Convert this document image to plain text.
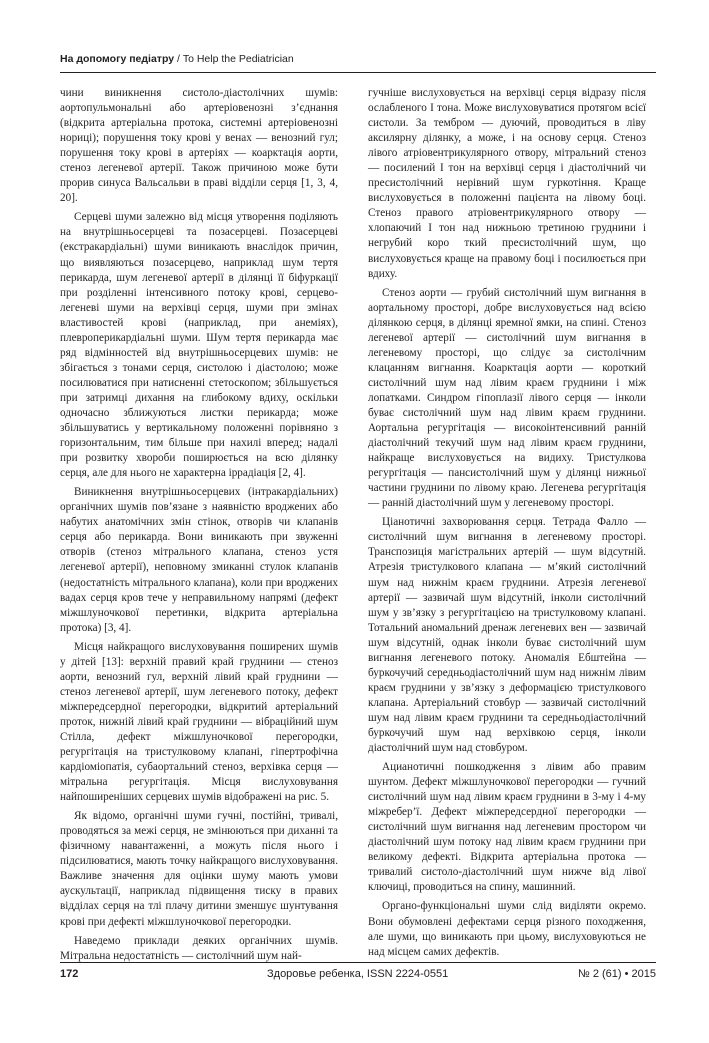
На допомогу педіатру / To Help the Pediatrician

чини виникнення систоло-діастолічних шумів: аортопульмональні або артеріовенозні з’єднання (відкрита артеріальна протока, системні артеріовенозні нориці); порушення току крові у венах — венозний гул; порушення току крові в артеріях — коарктація аорти, стеноз легеневої артерії. Також причиною може бути прорив синуса Вальсальви в праві відділи серця [1, 3, 4, 20].

Серцеві шуми залежно від місця утворення поділяють на внутрішньосерцеві та позасерцеві. Позасерцеві (екстракардіальні) шуми виникають внаслідок причин, що виявляються позасерцево, наприклад шум тертя перикарда, шум легеневої артерії в ділянці її біфуркації при розділенні інтенсивного потоку крові, серцево-легеневі шуми на верхівці серця, шуми при змінах властивостей крові (наприклад, при анеміях), плевроперикардіальні шуми. Шум тертя перикарда має ряд відмінностей від внутрішньосерцевих шумів: не збігається з тонами серця, систолою і діастолою; може посилюватися при натисненні стетоскопом; збільшується при затримці дихання на глибокому вдиху, оскільки одночасно зближуються листки перикарда; може збільшуватись у вертикальному положенні порівняно з горизонтальним, тим більше при нахилі вперед; надалі при розвитку хвороби поширюється на всю ділянку серця, але для нього не характерна іррадіація [2, 4].

Виникнення внутрішньосерцевих (інтракардіальних) органічних шумів пов’язане з наявністю вроджених або набутих анатомічних змін стінок, отворів чи клапанів серця або перикарда. Вони виникають при звуженні отворів (стеноз мітрального клапана, стеноз устя легеневої артерії), неповному змиканні стулок клапанів (недостатність мітрального клапана), коли при вроджених вадах серця кров тече у неправильному напрямі (дефект міжшлуночкової перетинки, відкрита артеріальна протока) [3, 4].

Місця найкращого вислуховування поширених шумів у дітей [13]: верхній правий край груднини — стеноз аорти, венозний гул, верхній лівий край груднини — стеноз легеневої артерії, шум легеневого потоку, дефект міжпередсердної перегородки, відкритий артеріальний проток, нижній лівий край груднини — вібраційний шум Стілла, дефект міжшлуночкової перегородки, регургітація на тристулковому клапані, гіпертрофічна кардіоміопатія, субаортальний стеноз, верхівка серця — мітральна регургітація. Місця вислуховування найпоширеніших серцевих шумів відображені на рис. 5.

Як відомо, органічні шуми гучні, постійні, тривалі, проводяться за межі серця, не змінюються при диханні та фізичному навантаженні, а можуть після нього і підсилюватися, мають точку найкращого вислуховування. Важливе значення для оцінки шуму мають умови аускультації, наприклад підвищення тиску в правих відділах серця на тлі плачу дитини зменшує шунтування крові при дефекті міжшлуночкової перегородки.

Наведемо приклади деяких органічних шумів. Мітральна недостатність — систолічний шум най-

гучніше вислуховується на верхівці серця відразу після ослабленого I тона. Може вислуховуватися протягом всієї систоли. За тембром — дуючий, проводиться в ліву аксилярну ділянку, а може, і на основу серця. Стеноз лівого атріовентрикулярного отвору, мітральний стеноз — посилений I тон на верхівці серця і діастолічний чи пресистолічний нерівний шум гуркотіння. Краще вислуховується в положенні пацієнта на лівому боці. Стеноз правого атріовентрикулярного отвору — хлопаючий I тон над нижньою третиною груднини і негрубий коро ткий пресистолічний шум, що вислуховується краще на правому боці і посилюється при вдиху.

Стеноз аорти — грубий систолічний шум вигнання в аортальному просторі, добре вислуховується над всією ділянкою серця, в ділянці яремної ямки, на спині. Стеноз легеневої артерії — систолічний шум вигнання в легеневому просторі, що слідує за систолічним клацанням вигнання. Коарктація аорти — короткий систолічний шум над лівим краєм груднини і між лопатками. Синдром гіпоплазії лівого серця — інколи буває систолічний шум над лівим краєм груднини. Аортальна регургітація — високоінтенсивний ранній діастолічний текучий шум над лівим краєм груднини, найкраще вислуховується на видиху. Тристулкова регургітація — пансистолічний шум у ділянці нижньої частини груднини по лівому краю. Легенева регургітація — ранній діастолічний шум у легеневому просторі.

Ціанотичні захворювання серця. Тетрада Фалло — систолічний шум вигнання в легеневому просторі. Транспозиція магістральних артерій — шум відсутній. Атрезія тристулкового клапана — м’який систолічний шум над нижнім краєм груднини. Атрезія легеневої артерії — зазвичай шум відсутній, інколи систолічний шум у зв’язку з регургітацією на тристулковому клапані. Тотальний аномальний дренаж легеневих вен — зазвичай шум відсутній, однак інколи буває систолічний шум вигнання легеневого потоку. Аномалія Ебштейна — буркочучий середньодіастолічний шум над нижнім лівим краєм груднини у зв’язку з деформацією тристулкового клапана. Артеріальний стовбур — зазвичай систолічний шум над лівим краєм груднини та середньодіастолічний буркочучий шум над верхівкою серця, інколи діастолічний шум над стовбуром.

Ацианотичні пошкодження з лівим або правим шунтом. Дефект міжшлуночкової перегородки — гучний систолічний шум над лівим краєм груднини в 3-му і 4-му міжребер’ї. Дефект міжпередсердної перегородки — систолічний шум вигнання над легеневим простором чи діастолічний шум потоку над лівим краєм груднини при великому дефекті. Відкрита артеріальна протока — тривалий систоло-діастолічний шум нижче від лівої ключиці, проводиться на спину, машинний.

Органо-функціональні шуми слід виділяти окремо. Вони обумовлені дефектами серця різного походження, але шуми, що виникають при цьому, вислуховуються не над місцем самих дефектів.

172	Здоровье ребенка, ISSN 2224-0551	№ 2 (61) • 2015
